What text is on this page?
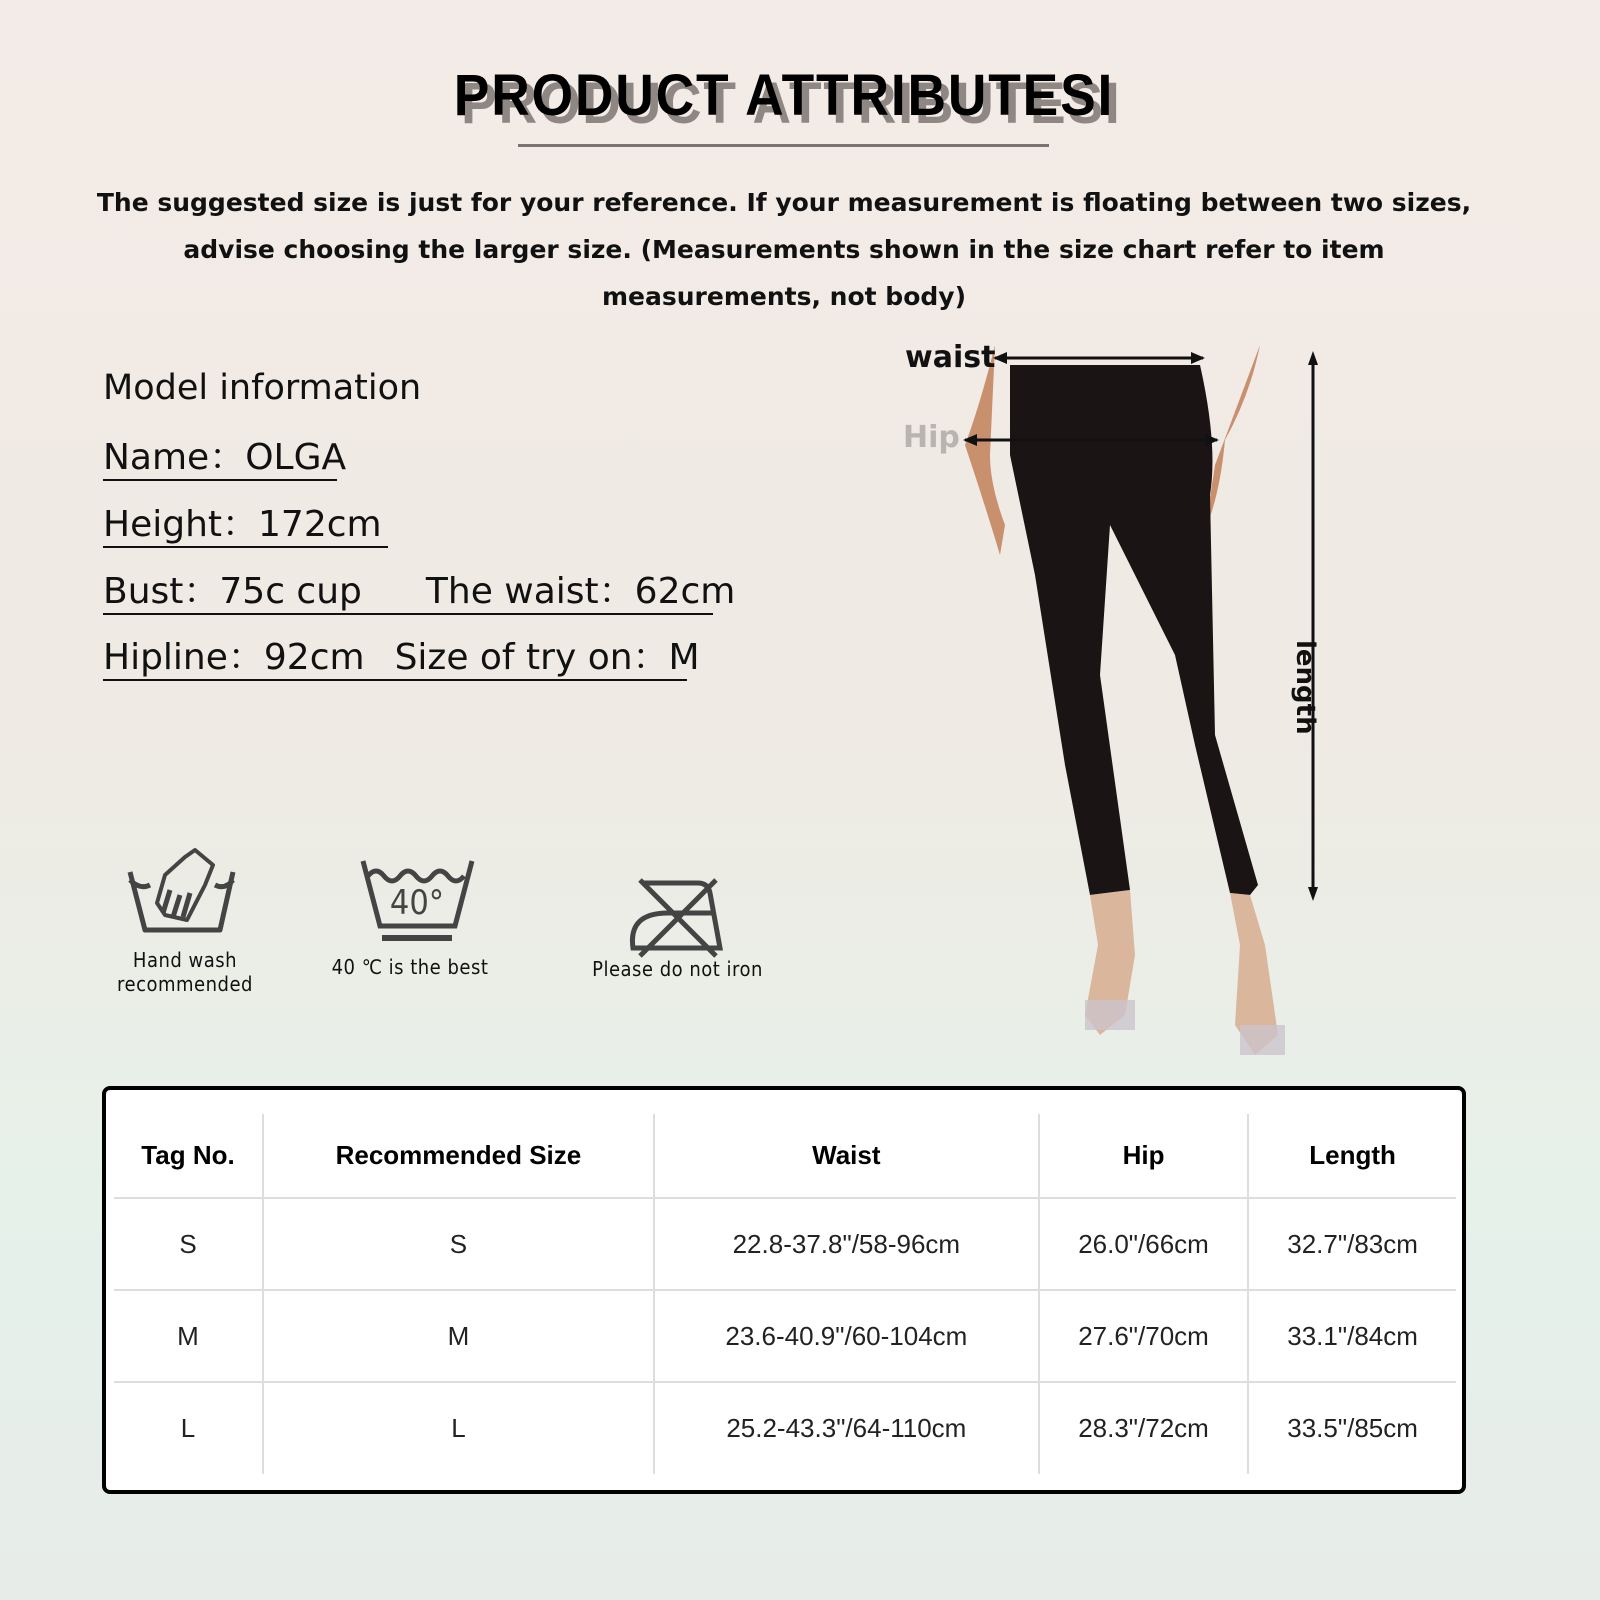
PRODUCT ATTRIBUTESI
The suggested size is just for your reference. If your measurement is floating between two sizes,
advise choosing the larger size. (Measurements shown in the size chart refer to item
measurements, not body)
Model information
Name：OLGA
Height：172cm
Bust：75c cup The waist：62cm
Hipline：92cm Size of try on：M
Hand wash
recommended
40°
40 ℃ is the best	Please do not iron
waist
Hip
length
Tag No.	Recommended Size	Waist	Hip	Length
S	S	22.8-37.8"/58-96cm	26.0"/66cm	32.7"/83cm
M	M	23.6-40.9"/60-104cm	27.6"/70cm	33.1"/84cm
L	L	25.2-43.3"/64-110cm	28.3"/72cm	33.5"/85cm
